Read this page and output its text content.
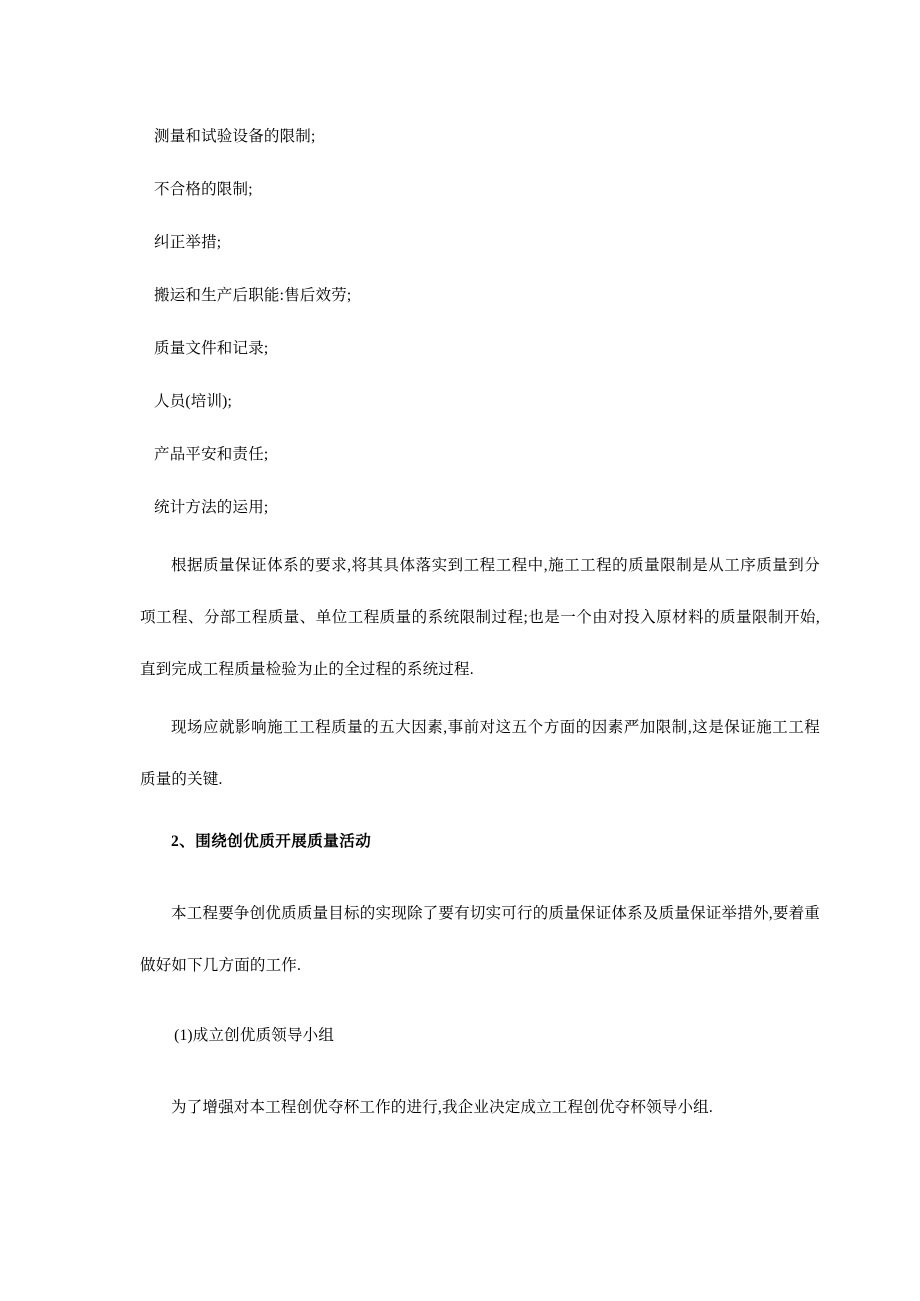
测量和试验设备的限制;
不合格的限制;
纠正举措;
搬运和生产后职能:售后效劳;
质量文件和记录;
人员(培训);
产品平安和责任;
统计方法的运用;
根据质量保证体系的要求,将其具体落实到工程工程中,施工工程的质量限制是从工序质量到分项工程、分部工程质量、单位工程质量的系统限制过程;也是一个由对投入原材料的质量限制开始,直到完成工程质量检验为止的全过程的系统过程.
现场应就影响施工工程质量的五大因素,事前对这五个方面的因素严加限制,这是保证施工工程质量的关键.
2、围绕创优质开展质量活动
本工程要争创优质质量目标的实现除了要有切实可行的质量保证体系及质量保证举措外,要着重做好如下几方面的工作.
(1)成立创优质领导小组
为了增强对本工程创优夺杯工作的进行,我企业决定成立工程创优夺杯领导小组.
